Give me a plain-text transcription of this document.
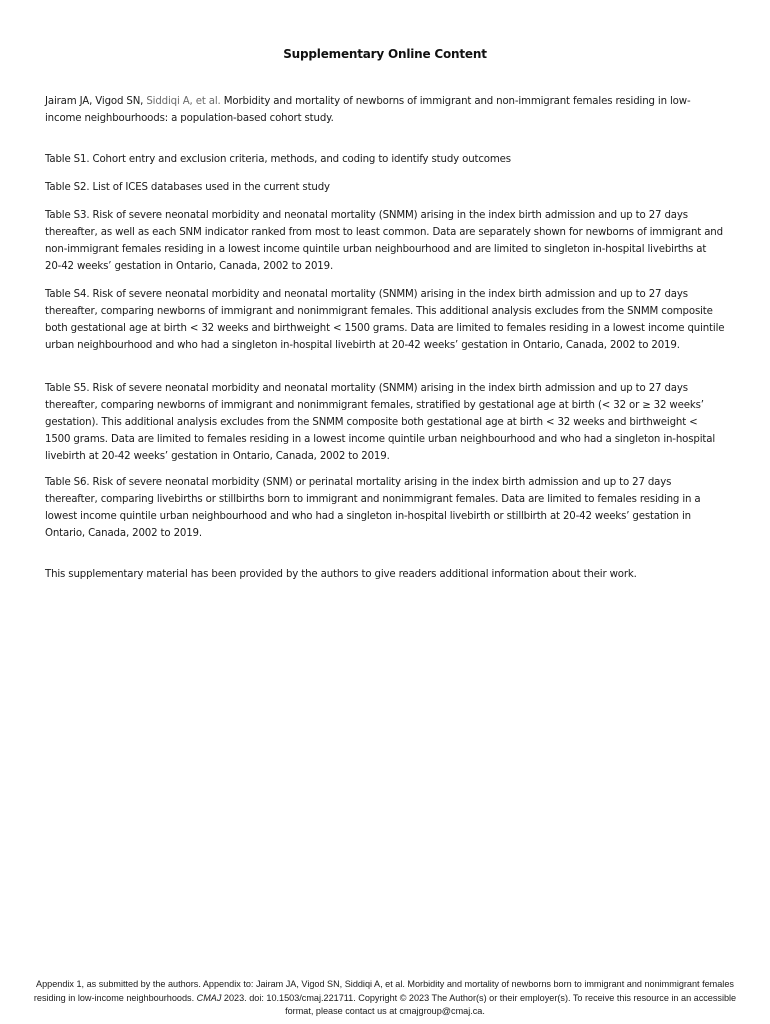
Supplementary Online Content
Jairam JA, Vigod SN, Siddiqi A, et al. Morbidity and mortality of newborns of immigrant and non-immigrant females residing in low-income neighbourhoods: a population-based cohort study.
Table S1. Cohort entry and exclusion criteria, methods, and coding to identify study outcomes
Table S2. List of ICES databases used in the current study
Table S3. Risk of severe neonatal morbidity and neonatal mortality (SNMM) arising in the index birth admission and up to 27 days thereafter, as well as each SNM indicator ranked from most to least common. Data are separately shown for newborns of immigrant and non-immigrant females residing in a lowest income quintile urban neighbourhood and are limited to singleton in-hospital livebirths at 20-42 weeks’ gestation in Ontario, Canada, 2002 to 2019.
Table S4. Risk of severe neonatal morbidity and neonatal mortality (SNMM) arising in the index birth admission and up to 27 days thereafter, comparing newborns of immigrant and nonimmigrant females. This additional analysis excludes from the SNMM composite both gestational age at birth < 32 weeks and birthweight < 1500 grams. Data are limited to females residing in a lowest income quintile urban neighbourhood and who had a singleton in-hospital livebirth at 20-42 weeks’ gestation in Ontario, Canada, 2002 to 2019.
Table S5. Risk of severe neonatal morbidity and neonatal mortality (SNMM) arising in the index birth admission and up to 27 days thereafter, comparing newborns of immigrant and nonimmigrant females, stratified by gestational age at birth (< 32 or ≥ 32 weeks’ gestation). This additional analysis excludes from the SNMM composite both gestational age at birth < 32 weeks and birthweight < 1500 grams. Data are limited to females residing in a lowest income quintile urban neighbourhood and who had a singleton in-hospital livebirth at 20-42 weeks’ gestation in Ontario, Canada, 2002 to 2019.
Table S6. Risk of severe neonatal morbidity (SNM) or perinatal mortality arising in the index birth admission and up to 27 days thereafter, comparing livebirths or stillbirths born to immigrant and nonimmigrant females. Data are limited to females residing in a lowest income quintile urban neighbourhood and who had a singleton in-hospital livebirth or stillbirth at 20-42 weeks’ gestation in Ontario, Canada, 2002 to 2019.
This supplementary material has been provided by the authors to give readers additional information about their work.
Appendix 1, as submitted by the authors. Appendix to: Jairam JA, Vigod SN, Siddiqi A, et al. Morbidity and mortality of newborns born to immigrant and nonimmigrant females residing in low-income neighbourhoods. CMAJ 2023. doi: 10.1503/cmaj.221711. Copyright © 2023 The Author(s) or their employer(s). To receive this resource in an accessible format, please contact us at cmajgroup@cmaj.ca.
